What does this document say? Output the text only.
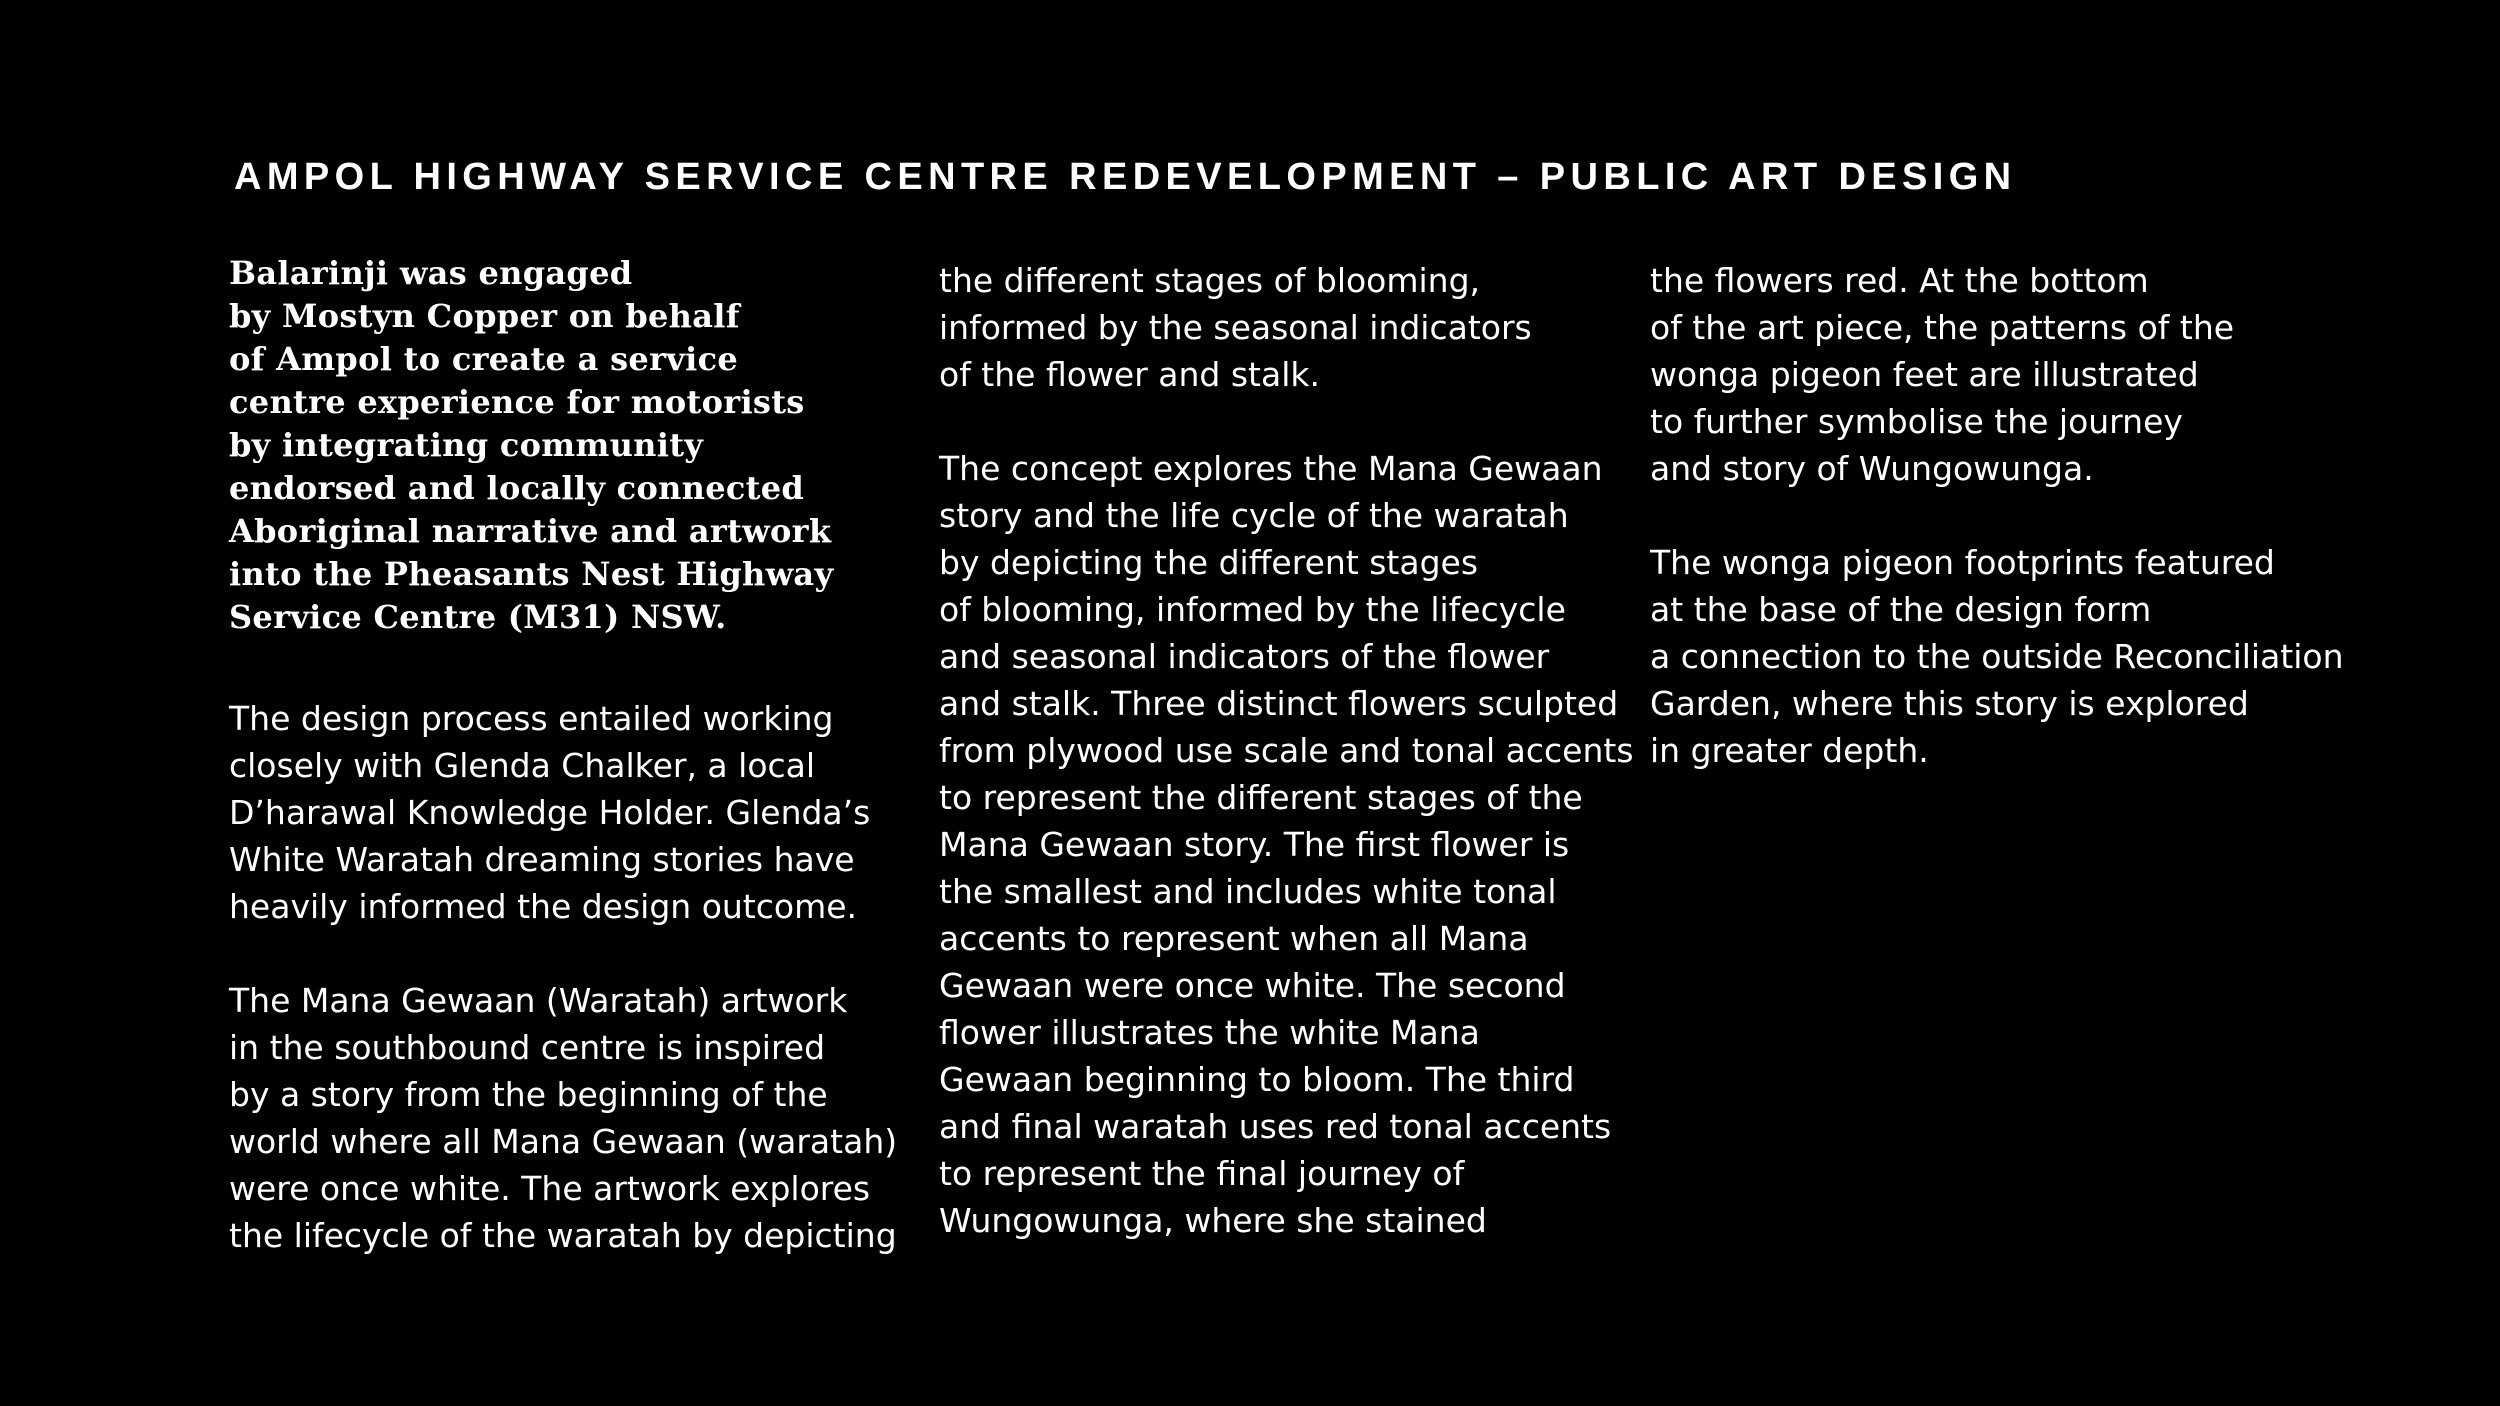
AMPOL HIGHWAY SERVICE CENTRE REDEVELOPMENT – PUBLIC ART DESIGN
Balarinji was engaged
by Mostyn Copper on behalf
of Ampol to create a service
centre experience for motorists
by integrating community
endorsed and locally connected
Aboriginal narrative and artwork
into the Pheasants Nest Highway
Service Centre (M31) NSW.
The design process entailed working
closely with Glenda Chalker, a local
D’harawal Knowledge Holder. Glenda’s
White Waratah dreaming stories have
heavily informed the design outcome.
The Mana Gewaan (Waratah) artwork
in the southbound centre is inspired
by a story from the beginning of the
world where all Mana Gewaan (waratah)
were once white. The artwork explores
the lifecycle of the waratah by depicting
the different stages of blooming,
informed by the seasonal indicators
of the flower and stalk.
The concept explores the Mana Gewaan
story and the life cycle of the waratah
by depicting the different stages
of blooming, informed by the lifecycle
and seasonal indicators of the flower
and stalk. Three distinct flowers sculpted
from plywood use scale and tonal accents
to represent the different stages of the
Mana Gewaan story. The first flower is
the smallest and includes white tonal
accents to represent when all Mana
Gewaan were once white. The second
flower illustrates the white Mana
Gewaan beginning to bloom. The third
and final waratah uses red tonal accents
to represent the final journey of
Wungowunga, where she stained
the flowers red. At the bottom
of the art piece, the patterns of the
wonga pigeon feet are illustrated
to further symbolise the journey
and story of Wungowunga.
The wonga pigeon footprints featured
at the base of the design form
a connection to the outside Reconciliation
Garden, where this story is explored
in greater depth.
